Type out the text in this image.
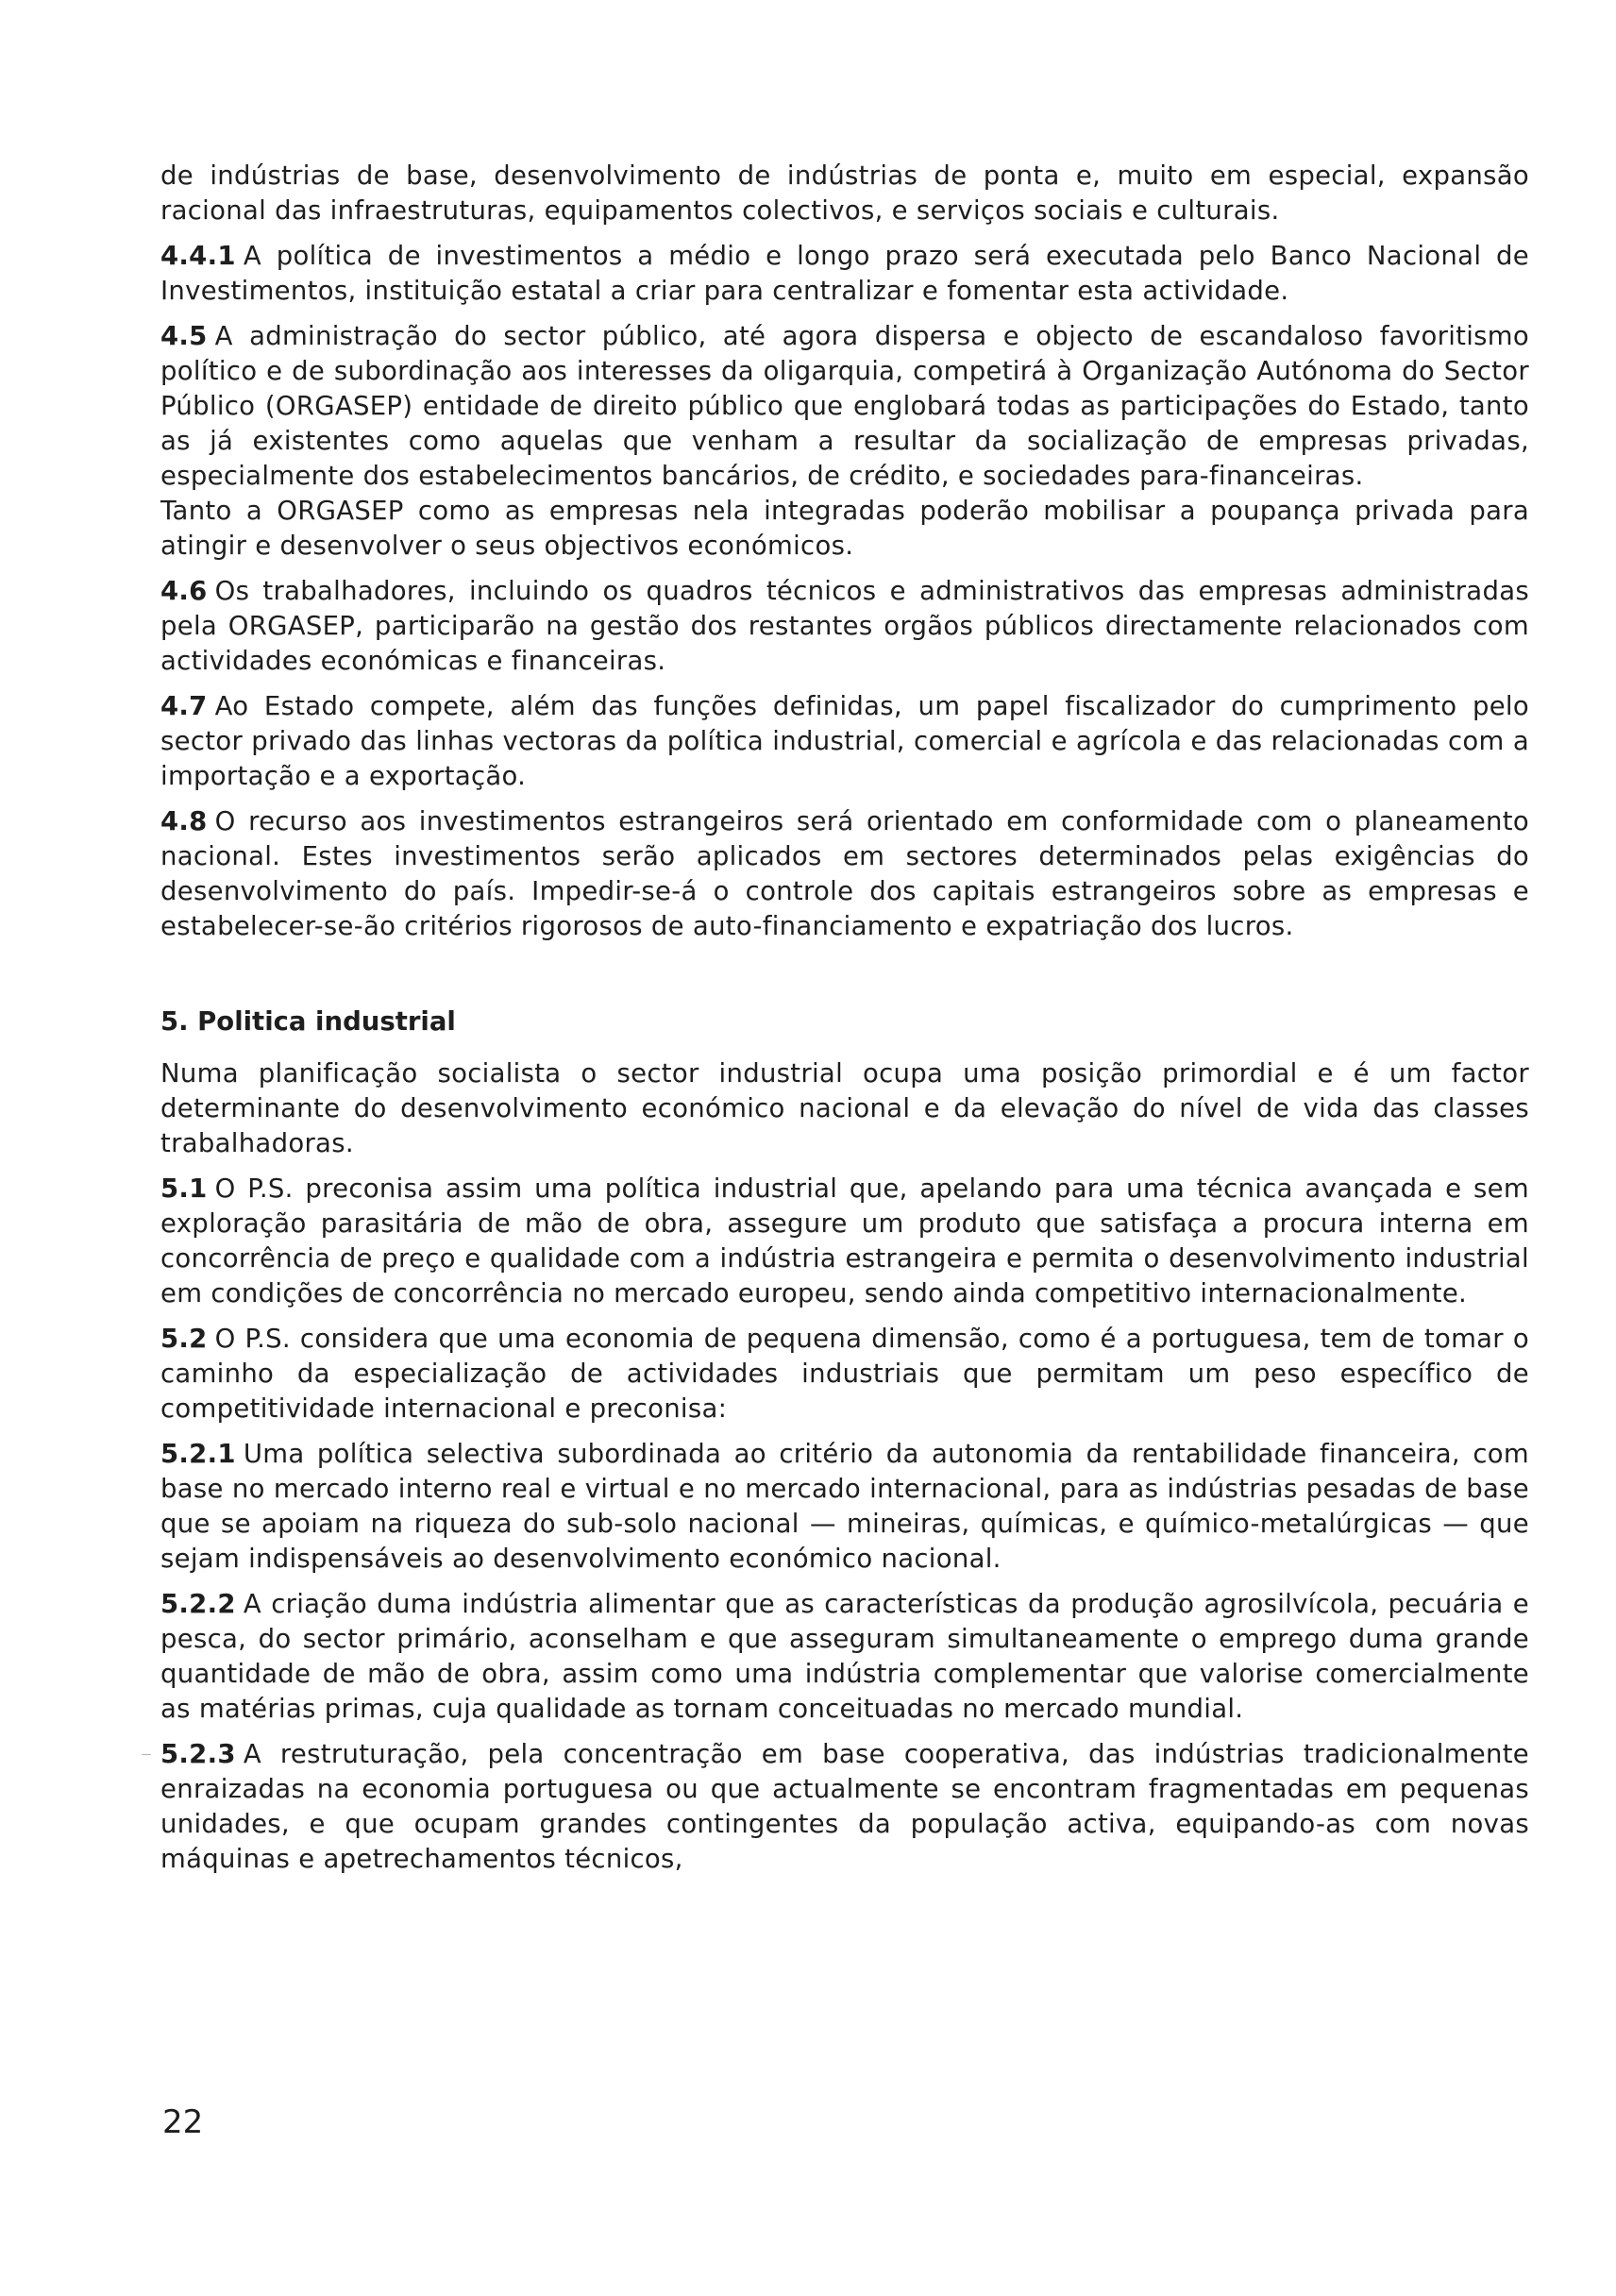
de indústrias de base, desenvolvimento de indústrias de ponta e, muito em especial, expansão racional das infraestruturas, equipamentos colectivos, e serviços sociais e culturais.

4.4.1 A política de investimentos a médio e longo prazo será executada pelo Banco Nacional de Investimentos, instituição estatal a criar para centralizar e fomentar esta actividade.

4.5 A administração do sector público, até agora dispersa e objecto de escandaloso favoritismo político e de subordinação aos interesses da oligarquia, competirá à Organização Autónoma do Sector Público (ORGASEP) entidade de direito público que englobará todas as participações do Estado, tanto as já existentes como aquelas que venham a resultar da socialização de empresas privadas, especialmente dos estabelecimentos bancários, de crédito, e sociedades para-financeiras.

Tanto a ORGASEP como as empresas nela integradas poderão mobilisar a poupança privada para atingir e desenvolver o seus objectivos económicos.

4.6 Os trabalhadores, incluindo os quadros técnicos e administrativos das empresas administradas pela ORGASEP, participarão na gestão dos restantes orgãos públicos directamente relacionados com actividades económicas e financeiras.

4.7 Ao Estado compete, além das funções definidas, um papel fiscalizador do cumprimento pelo sector privado das linhas vectoras da política industrial, comercial e agrícola e das relacionadas com a importação e a exportação.

4.8 O recurso aos investimentos estrangeiros será orientado em conformidade com o planeamento nacional. Estes investimentos serão aplicados em sectores determinados pelas exigências do desenvolvimento do país. Impedir-se-á o controle dos capitais estrangeiros sobre as empresas e estabelecer-se-ão critérios rigorosos de auto-financiamento e expatriação dos lucros.

5. Politica industrial

Numa planificação socialista o sector industrial ocupa uma posição primordial e é um factor determinante do desenvolvimento económico nacional e da elevação do nível de vida das classes trabalhadoras.

5.1 O P.S. preconisa assim uma política industrial que, apelando para uma técnica avançada e sem exploração parasitária de mão de obra, assegure um produto que satisfaça a procura interna em concorrência de preço e qualidade com a indústria estrangeira e permita o desenvolvimento industrial em condições de concorrência no mercado europeu, sendo ainda competitivo internacionalmente.

5.2 O P.S. considera que uma economia de pequena dimensão, como é a portuguesa, tem de tomar o caminho da especialização de actividades industriais que permitam um peso específico de competitividade internacional e preconisa:

5.2.1 Uma política selectiva subordinada ao critério da autonomia da rentabilidade financeira, com base no mercado interno real e virtual e no mercado internacional, para as indústrias pesadas de base que se apoiam na riqueza do sub-solo nacional — mineiras, químicas, e químico-metalúrgicas — que sejam indispensáveis ao desenvolvimento económico nacional.

5.2.2 A criação duma indústria alimentar que as características da produção agrosilvícola, pecuária e pesca, do sector primário, aconselham e que asseguram simultaneamente o emprego duma grande quantidade de mão de obra, assim como uma indústria complementar que valorise comercialmente as matérias primas, cuja qualidade as tornam conceituadas no mercado mundial.

5.2.3 A restruturação, pela concentração em base cooperativa, das indústrias tradicionalmente enraizadas na economia portuguesa ou que actualmente se encontram fragmentadas em pequenas unidades, e que ocupam grandes contingentes da população activa, equipando-as com novas máquinas e apetrechamentos técnicos,

22
